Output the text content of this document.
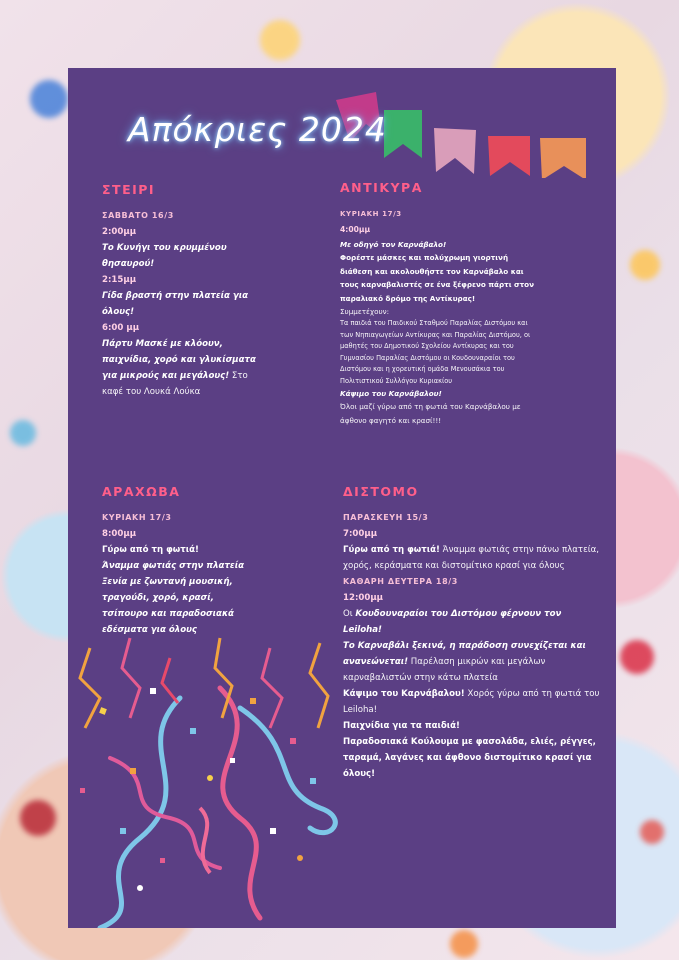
Απόκριες 2024
ΣΤΕΙΡΙ

ΣΑΒΒΑΤΟ 16/3

2:00μμ

Το Κυνήγι του κρυμμένου θησαυρού!

2:15μμ

Γίδα βραστή στην πλατεία για όλους!

6:00 μμ

Πάρτυ Μασκέ με κλόουν, παιχνίδια, χορό και γλυκίσματα για μικρούς και μεγάλους! Στο καφέ του Λουκά Λούκα

ΑΝΤΙΚΥΡΑ

ΚΥΡΙΑΚΗ 17/3

4:00μμ

Με οδηγό τον Καρνάβαλο!

Φορέστε μάσκες και πολύχρωμη γιορτινή διάθεση και ακολουθήστε τον Καρνάβαλο και τους καρναβαλιστές σε ένα ξέφρενο πάρτι στον παραλιακό δρόμο της Αντίκυρας!

Συμμετέχουν:

Τα παιδιά του Παιδικού Σταθμού Παραλίας Διστόμου και των Νηπιαγωγείων Αντίκυρας και Παραλίας Διστόμου, οι μαθητές του Δημοτικού Σχολείου Αντίκυρας και του Γυμνασίου Παραλίας Διστόμου οι Κουδουναραίοι του Διστόμου και η χορευτική ομάδα Μενουσάκια του Πολιτιστικού Συλλόγου Κυριακίου

Κάψιμο του Καρνάβαλου!

Όλοι μαζί γύρω από τη φωτιά του Καρνάβαλου με άφθονο φαγητό και κρασί!!!

ΑΡΑΧΩΒΑ

ΚΥΡΙΑΚΗ 17/3

8:00μμ

Γύρω από τη φωτιά!

Άναμμα φωτιάς στην πλατεία Ξενία με ζωντανή μουσική, τραγούδι, χορό, κρασί, τσίπουρο και παραδοσιακά εδέσματα για όλους

ΔΙΣΤΟΜΟ

ΠΑΡΑΣΚΕΥΗ 15/3

7:00μμ

Γύρω από τη φωτιά! Άναμμα φωτιάς στην πάνω πλατεία, χορός, κεράσματα και διστομίτικο κρασί για όλους

ΚΑΘΑΡΗ ΔΕΥΤΕΡΑ 18/3

12:00μμ

Οι Κουδουναραίοι του Διστόμου φέρνουν τον Leiloha!

Το Καρναβάλι ξεκινά, η παράδοση συνεχίζεται και ανανεώνεται! Παρέλαση μικρών και μεγάλων καρναβαλιστών στην κάτω πλατεία

Κάψιμο του Καρνάβαλου! Χορός γύρω από τη φωτιά του Leiloha!

Παιχνίδια για τα παιδιά!

Παραδοσιακά Κούλουμα με φασολάδα, ελιές, ρέγγες, ταραμά, λαγάνες και άφθονο διστομίτικο κρασί για όλους!
